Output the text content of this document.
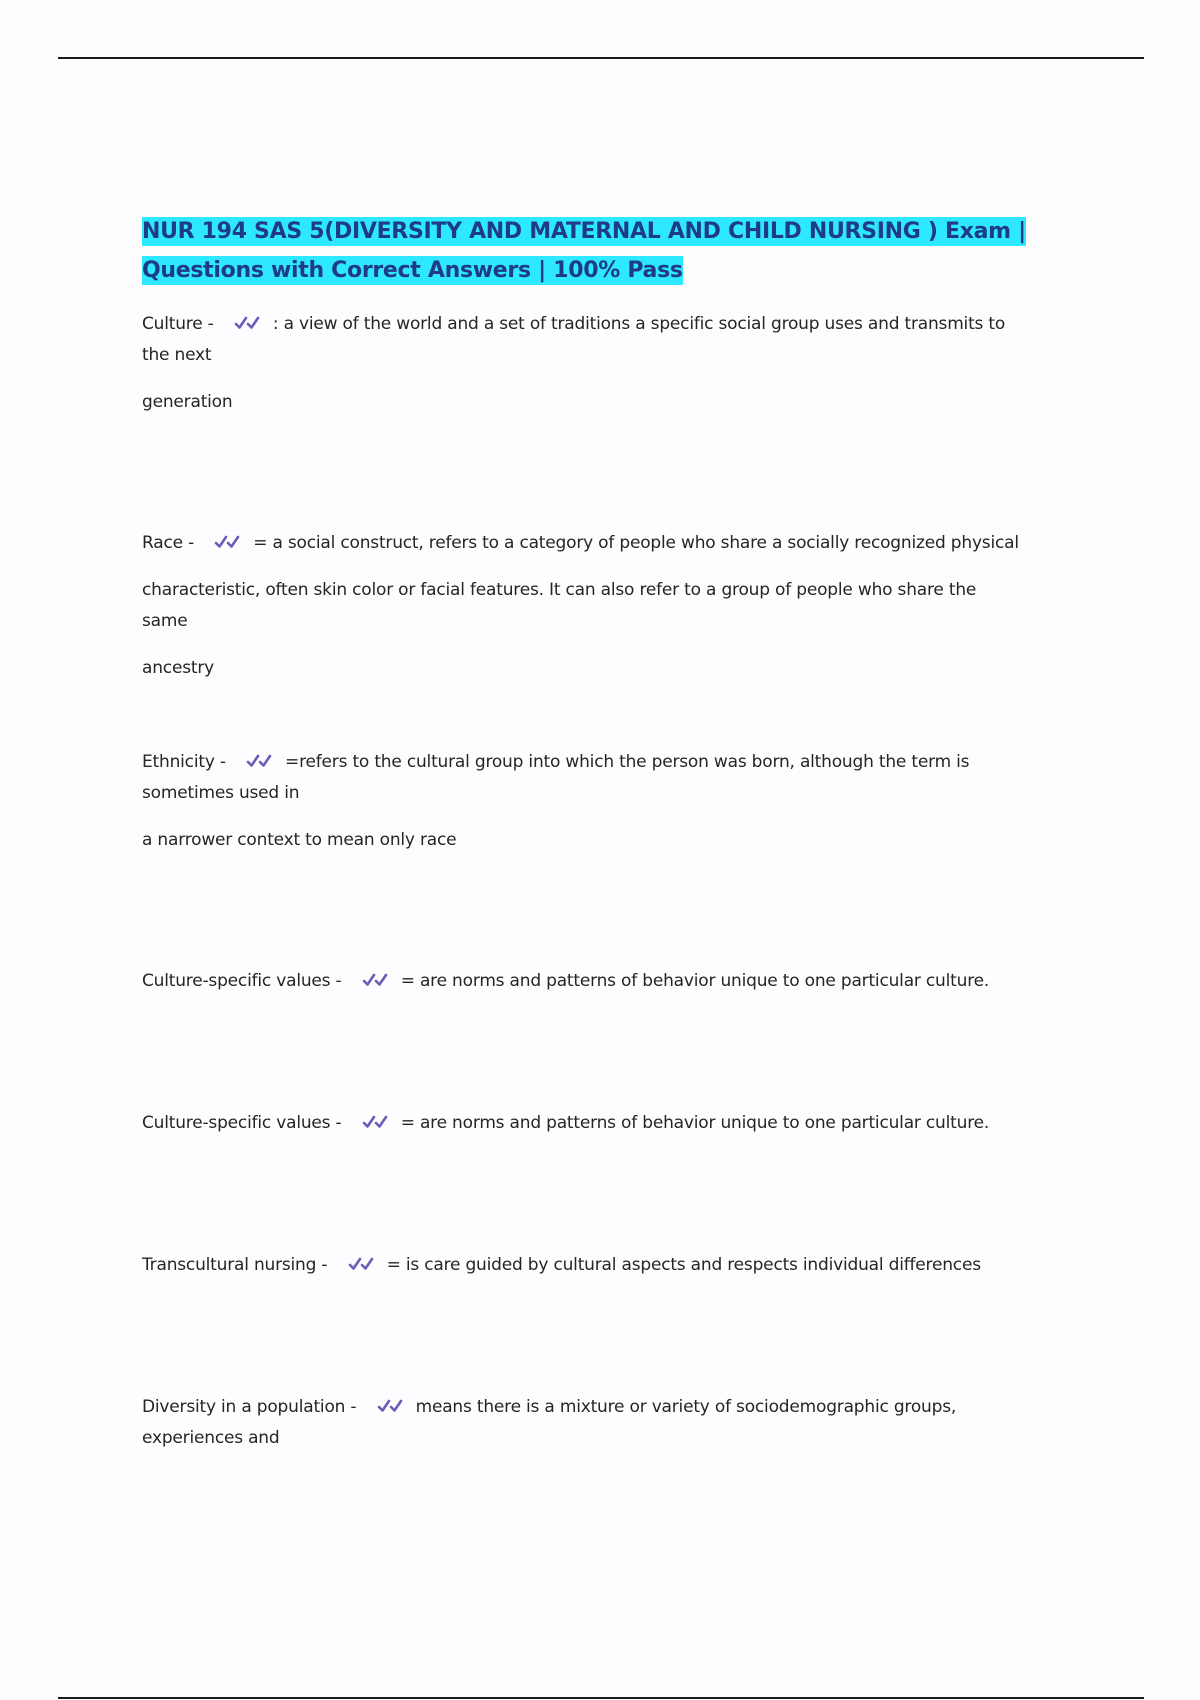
NUR 194 SAS 5(DIVERSITY AND MATERNAL AND CHILD NURSING ) Exam |
Questions with Correct Answers | 100% Pass
Culture -	: a view of the world and a set of traditions a specific social group uses and transmits to
the next
generation
Race -	= a social construct, refers to a category of people who share a socially recognized physical
characteristic, often skin color or facial features. It can also refer to a group of people who share the
same
ancestry
Ethnicity -	=refers to the cultural group into which the person was born, although the term is
sometimes used in
a narrower context to mean only race
Culture-specific values -	= are norms and patterns of behavior unique to one particular culture.
Culture-specific values -	= are norms and patterns of behavior unique to one particular culture.
Transcultural nursing -	= is care guided by cultural aspects and respects individual differences
Diversity in a population -	means there is a mixture or variety of sociodemographic groups,
experiences and
